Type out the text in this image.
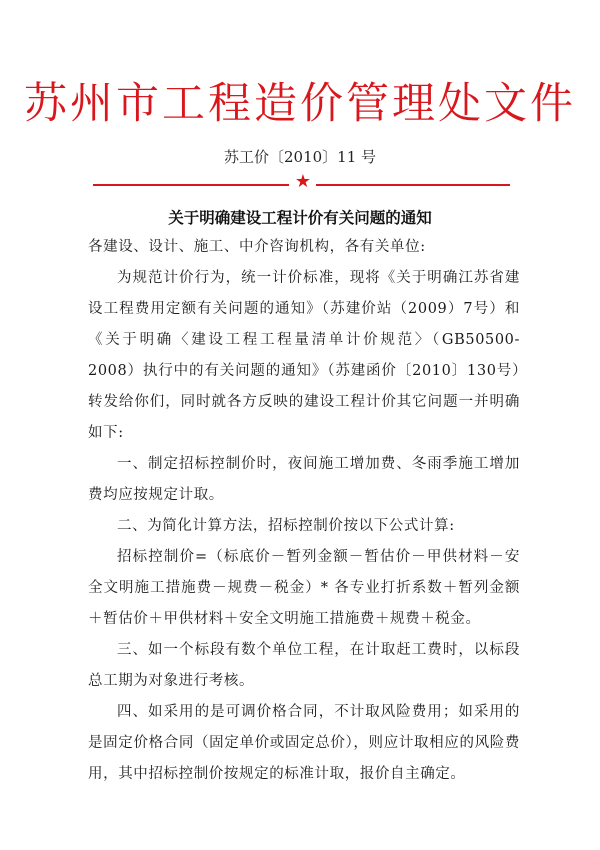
苏州市工程造价管理处文件
苏工价〔2010〕11 号
★
关于明确建设工程计价有关问题的通知

各建设、设计、施工、中介咨询机构，各有关单位:

为规范计价行为，统一计价标准，现将《关于明确江苏省建设工程费用定额有关问题的通知》（苏建价站（2009）7号）和《关于明确〈建设工程工程量清单计价规范〉（GB50500-2008）执行中的有关问题的通知》（苏建函价〔2010〕130号）转发给你们，同时就各方反映的建设工程计价其它问题一并明确如下:

一、制定招标控制价时，夜间施工增加费、冬雨季施工增加费均应按规定计取。

二、为简化计算方法，招标控制价按以下公式计算:

招标控制价=（标底价－暂列金额－暂估价－甲供材料－安全文明施工措施费－规费－税金）* 各专业打折系数＋暂列金额＋暂估价＋甲供材料＋安全文明施工措施费＋规费＋税金。

三、如一个标段有数个单位工程，在计取赶工费时，以标段总工期为对象进行考核。

四、如采用的是可调价格合同，不计取风险费用；如采用的是固定价格合同（固定单价或固定总价），则应计取相应的风险费用，其中招标控制价按规定的标准计取，报价自主确定。
